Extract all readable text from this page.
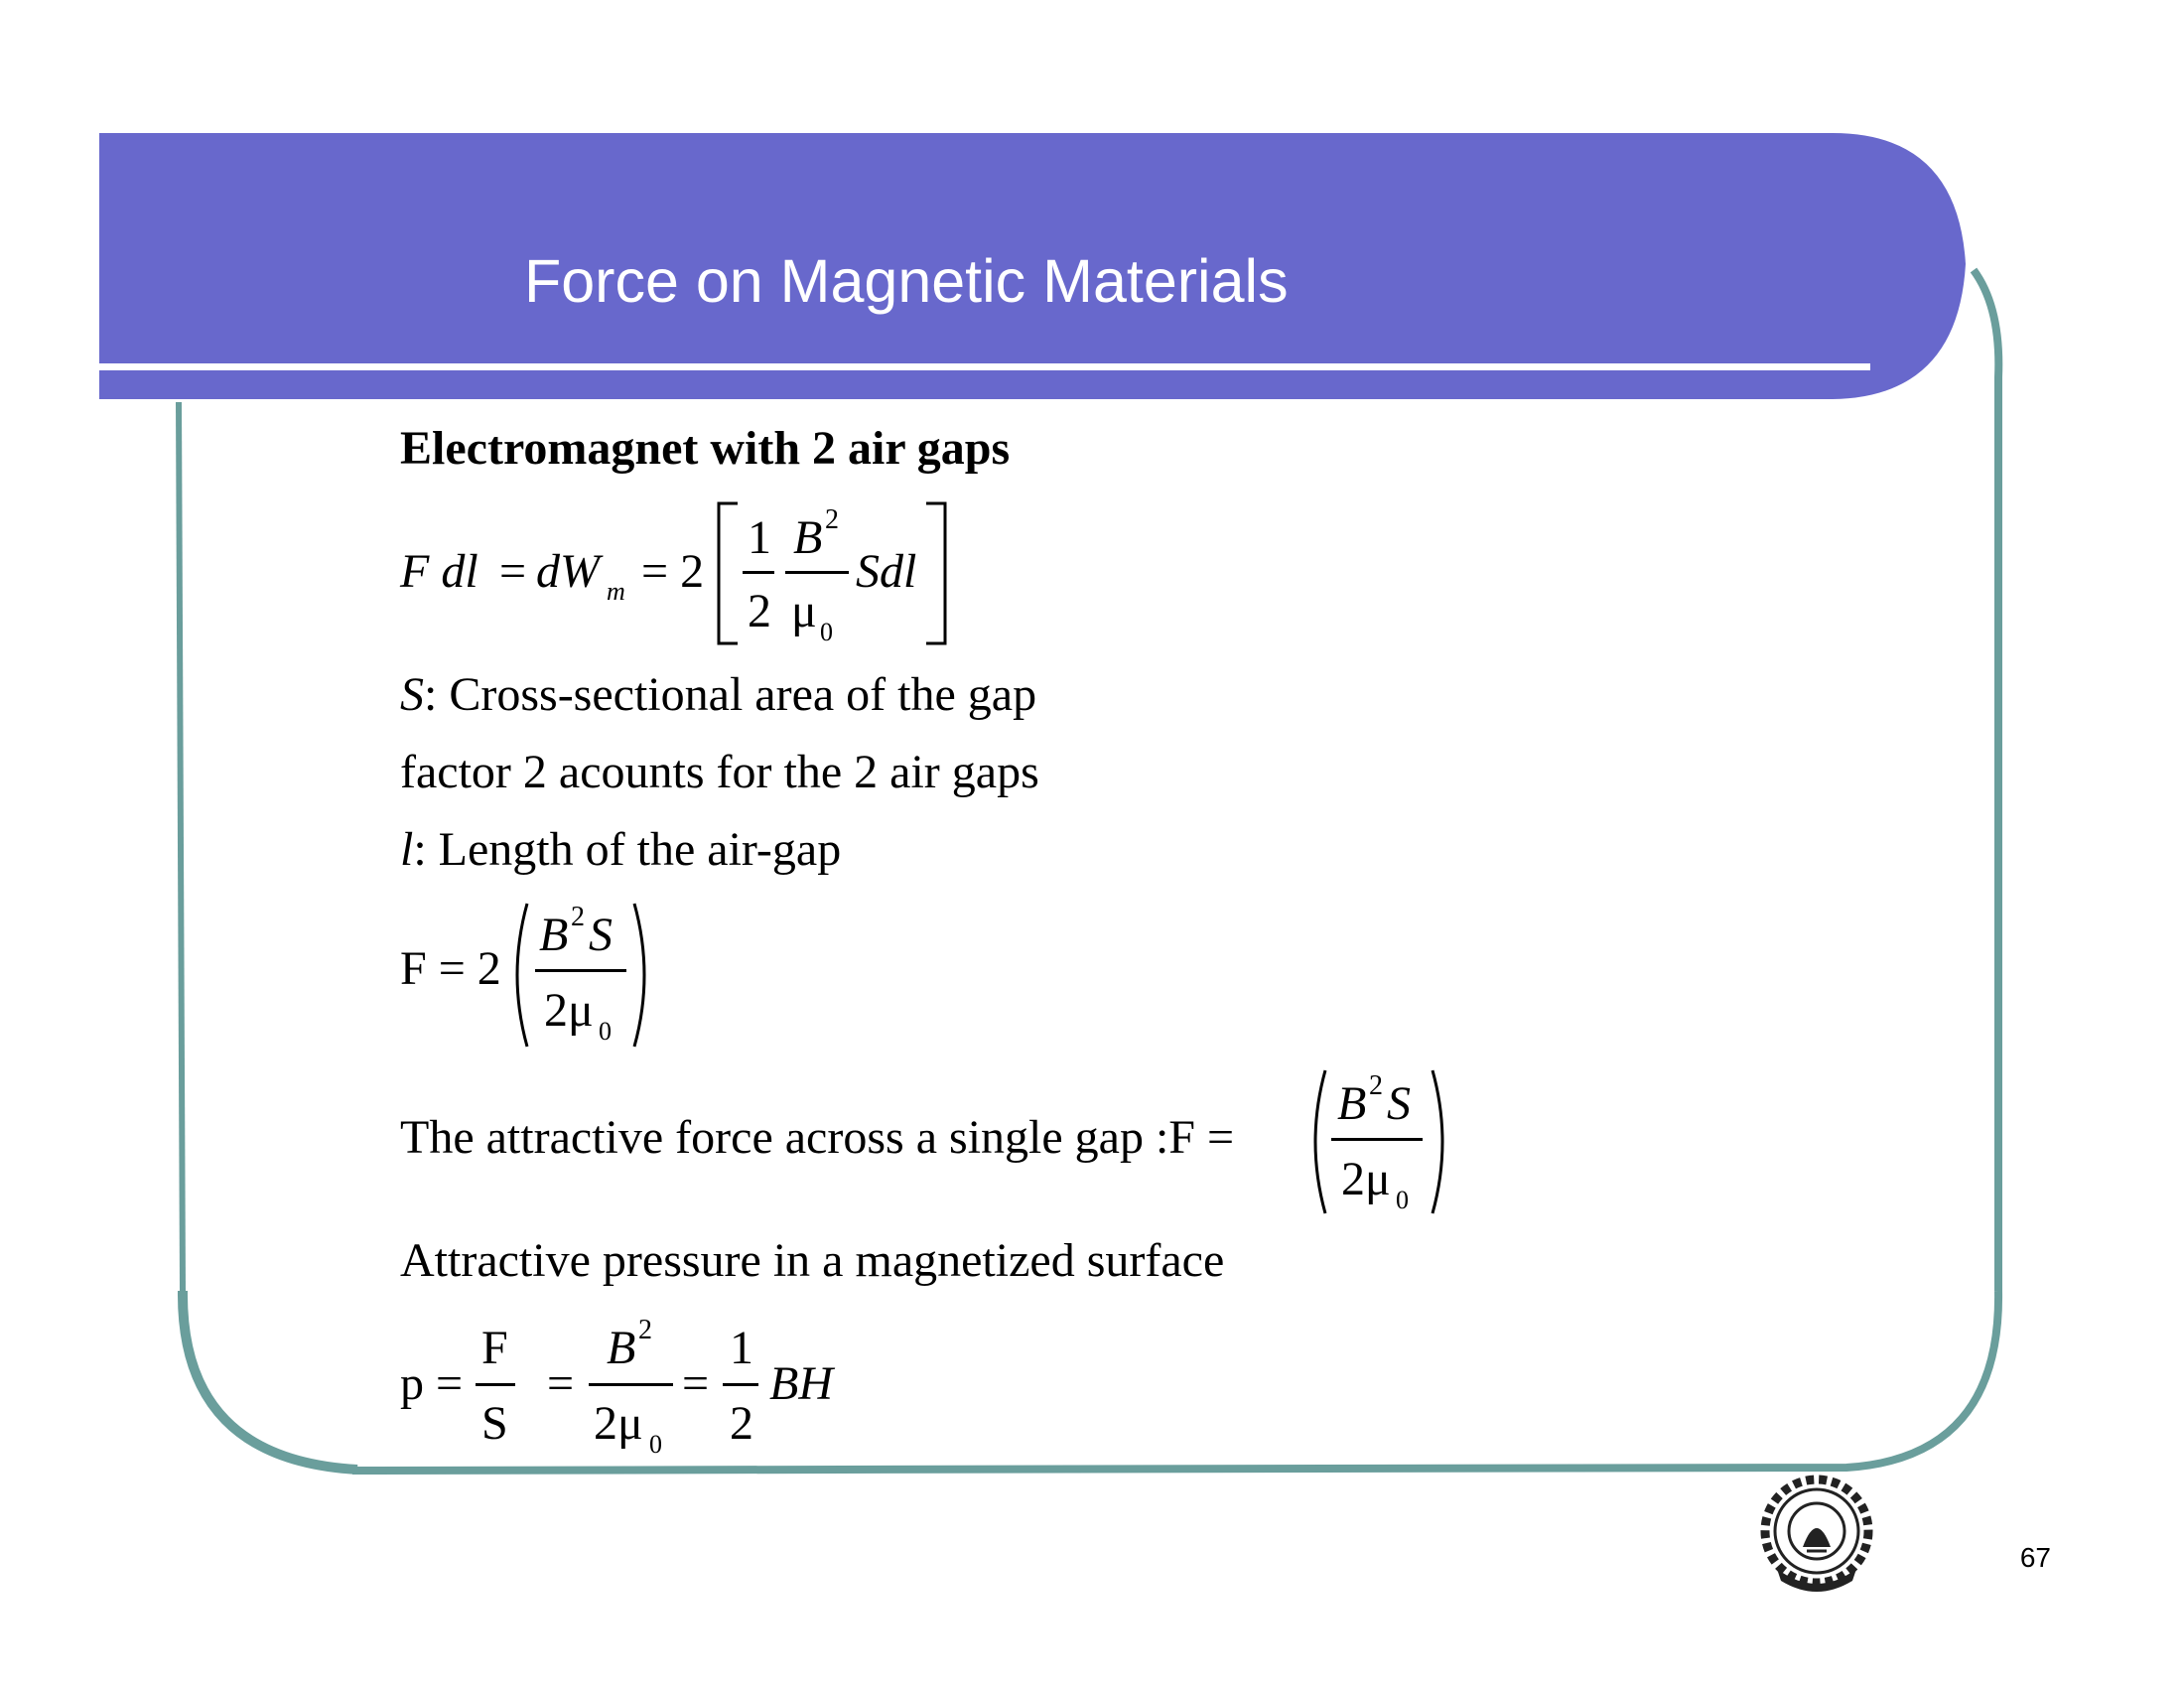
Force on Magnetic Materials
Electromagnet with 2 air gaps
F dl = dW m = 2
1
2
B 2
μ 0
Sdl
S: Cross-sectional area of the gap
factor 2 acounts for the 2 air gaps
l: Length of the air-gap
F = 2
B 2 S
2μ 0
The attractive force across a single gap :F =
B 2 S
2μ 0
Attractive pressure in a magnetized surface
p =
F
S
=
B 2
2μ 0
=
1
2
BH
67
